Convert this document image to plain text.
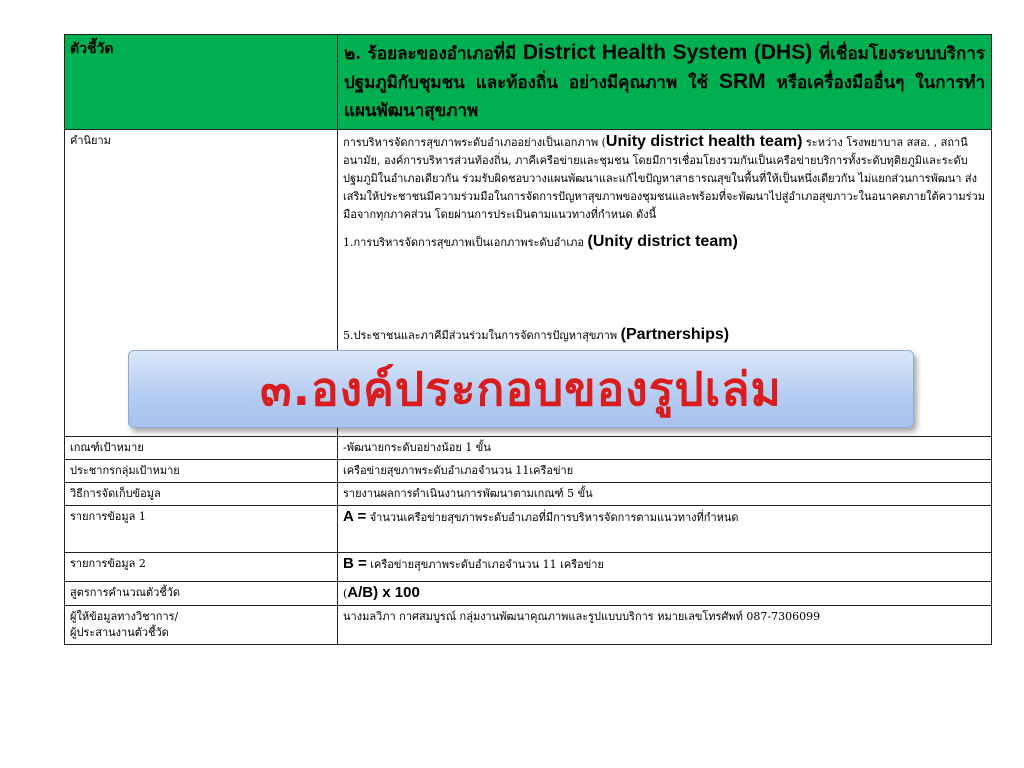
ตัวชี้วัด	๒. ร้อยละของอำเภอที่มี District Health System (DHS) ที่เชื่อมโยงระบบบริการปฐมภูมิกับชุมชน และท้องถิ่น อย่างมีคุณภาพ ใช้ SRM หรือเครื่องมืออื่นๆ ในการทำแผนพัฒนาสุขภาพ
คำนิยาม	การบริหารจัดการสุขภาพระดับอำเภออย่างเป็นเอกภาพ (Unity district health team) ระหว่าง โรงพยาบาล สสอ. , สถานีอนามัย, องค์การบริหารส่วนท้องถิ่น, ภาคีเครือข่ายและชุมชน โดยมีการเชื่อมโยงรวมกันเป็นเครือข่ายบริการทั้งระดับทุติยภูมิและระดับปฐมภูมิในอำเภอเดียวกัน ร่วมรับผิดชอบวางแผนพัฒนาและแก้ไขปัญหาสาธารณสุขในพื้นที่ให้เป็นหนึ่งเดียวกัน ไม่แยกส่วนการพัฒนา ส่งเสริมให้ประชาชนมีความร่วมมือในการจัดการปัญหาสุขภาพของชุมชนและพร้อมที่จะพัฒนาไปสู่อำเภอสุขภาวะในอนาคตภายใต้ความร่วมมือจากทุกภาคส่วน โดยผ่านการประเมินตามแนวทางที่กำหนด ดังนี้

1.การบริหารจัดการสุขภาพเป็นเอกภาพระดับอำเภอ (Unity district team)

5.ประชาชนและภาคีมีส่วนร่วมในการจัดการปัญหาสุขภาพ (Partnerships)

เกณฑ์เป้าหมาย	-พัฒนายกระดับอย่างน้อย 1 ขั้น
ประชากรกลุ่มเป้าหมาย	เครือข่ายสุขภาพระดับอำเภอจำนวน 11เครือข่าย
วิธีการจัดเก็บข้อมูล	รายงานผลการดำเนินงานการพัฒนาตามเกณฑ์ 5 ขั้น
รายการข้อมูล 1	A = จำนวนเครือข่ายสุขภาพระดับอำเภอที่มีการบริหารจัดการตามแนวทางที่กำหนด
รายการข้อมูล 2	B = เครือข่ายสุขภาพระดับอำเภอจำนวน 11 เครือข่าย
สูตรการคำนวณตัวชี้วัด	(A/B) x 100
ผู้ให้ข้อมูลทางวิชาการ/
ผู้ประสานงานตัวชี้วัด	นางมลวิภา กาศสมบูรณ์ กลุ่มงานพัฒนาคุณภาพและรูปแบบบริการ หมายเลขโทรศัพท์ 087-7306099
๓.องค์ประกอบของรูปเล่ม
